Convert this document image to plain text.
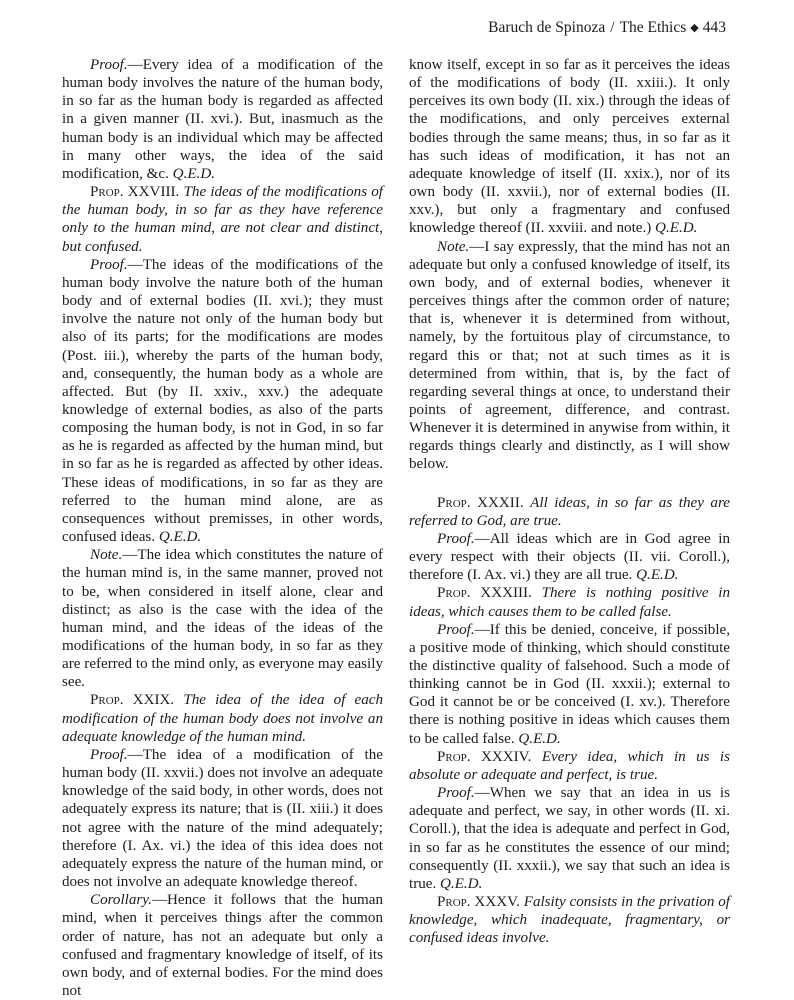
Baruch de Spinoza / The Ethics ◆ 443

Proof.—Every idea of a modification of the human body involves the nature of the human body, in so far as the human body is regarded as affected in a given manner (II. xvi.). But, inasmuch as the human body is an individual which may be affected in many other ways, the idea of the said modification, &c. Q.E.D.

Prop. XXVIII. The ideas of the modifications of the human body, in so far as they have reference only to the human mind, are not clear and distinct, but confused.

Proof.—The ideas of the modifications of the human body involve the nature both of the human body and of external bodies (II. xvi.); they must involve the nature not only of the human body but also of its parts; for the modifications are modes (Post. iii.), whereby the parts of the human body, and, consequently, the human body as a whole are affected. But (by II. xxiv., xxv.) the adequate knowledge of external bodies, as also of the parts composing the human body, is not in God, in so far as he is regarded as affected by the human mind, but in so far as he is regarded as affected by other ideas. These ideas of modifications, in so far as they are referred to the human mind alone, are as consequences without premisses, in other words, confused ideas. Q.E.D.

Note.—The idea which constitutes the nature of the human mind is, in the same manner, proved not to be, when considered in itself alone, clear and distinct; as also is the case with the idea of the human mind, and the ideas of the ideas of the modifications of the human body, in so far as they are referred to the mind only, as everyone may easily see.

Prop. XXIX. The idea of the idea of each modification of the human body does not involve an adequate knowledge of the human mind.

Proof.—The idea of a modification of the human body (II. xxvii.) does not involve an adequate knowledge of the said body, in other words, does not adequately express its nature; that is (II. xiii.) it does not agree with the nature of the mind adequately; therefore (I. Ax. vi.) the idea of this idea does not adequately express the nature of the human mind, or does not involve an adequate knowledge thereof.

Corollary.—Hence it follows that the human mind, when it perceives things after the common order of nature, has not an adequate but only a confused and fragmentary knowledge of itself, of its own body, and of external bodies. For the mind does not

know itself, except in so far as it perceives the ideas of the modifications of body (II. xxiii.). It only perceives its own body (II. xix.) through the ideas of the modifications, and only perceives external bodies through the same means; thus, in so far as it has such ideas of modification, it has not an adequate knowledge of itself (II. xxix.), nor of its own body (II. xxvii.), nor of external bodies (II. xxv.), but only a fragmentary and confused knowledge thereof (II. xxviii. and note.) Q.E.D.

Note.—I say expressly, that the mind has not an adequate but only a confused knowledge of itself, its own body, and of external bodies, whenever it perceives things after the common order of nature; that is, whenever it is determined from without, namely, by the fortuitous play of circumstance, to regard this or that; not at such times as it is determined from within, that is, by the fact of regarding several things at once, to understand their points of agreement, difference, and contrast. Whenever it is determined in anywise from within, it regards things clearly and distinctly, as I will show below.

Prop. XXXII. All ideas, in so far as they are referred to God, are true.

Proof.—All ideas which are in God agree in every respect with their objects (II. vii. Coroll.), therefore (I. Ax. vi.) they are all true. Q.E.D.

Prop. XXXIII. There is nothing positive in ideas, which causes them to be called false.

Proof.—If this be denied, conceive, if possible, a positive mode of thinking, which should constitute the distinctive quality of falsehood. Such a mode of thinking cannot be in God (II. xxxii.); external to God it cannot be or be conceived (I. xv.). Therefore there is nothing positive in ideas which causes them to be called false. Q.E.D.

Prop. XXXIV. Every idea, which in us is absolute or adequate and perfect, is true.

Proof.—When we say that an idea in us is adequate and perfect, we say, in other words (II. xi. Coroll.), that the idea is adequate and perfect in God, in so far as he constitutes the essence of our mind; consequently (II. xxxii.), we say that such an idea is true. Q.E.D.

Prop. XXXV. Falsity consists in the privation of knowledge, which inadequate, fragmentary, or confused ideas involve.
